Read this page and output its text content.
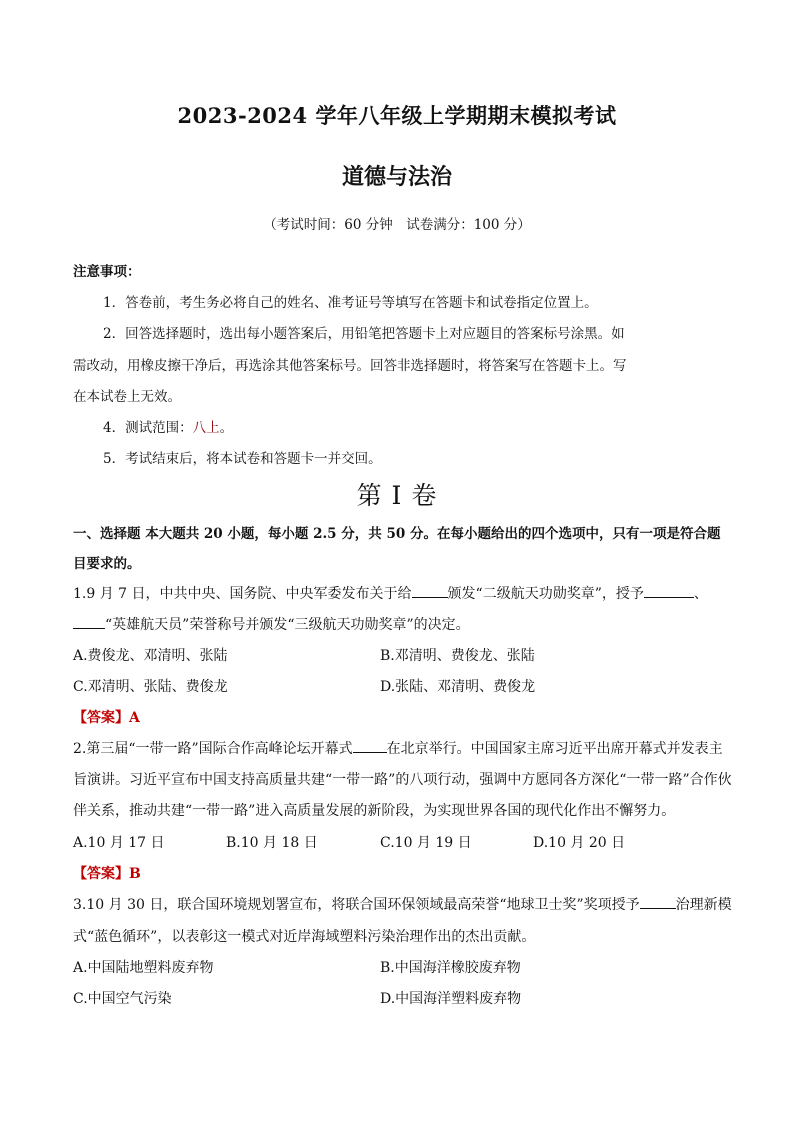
2023-2024 学年八年级上学期期末模拟考试
道德与法治
（考试时间：60 分钟　试卷满分：100 分）
注意事项：
1．答卷前，考生务必将自己的姓名、准考证号等填写在答题卡和试卷指定位置上。
2．回答选择题时，选出每小题答案后，用铅笔把答题卡上对应题目的答案标号涂黑。如
需改动，用橡皮擦干净后，再选涂其他答案标号。回答非选择题时，将答案写在答题卡上。写
在本试卷上无效。
4．测试范围：八上。
5．考试结束后，将本试卷和答题卡一并交回。
第 I 卷
一、选择题 本大题共 20 小题，每小题 2.5 分，共 50 分。在每小题给出的四个选项中，只有一项是符合题
目要求的。
1.9 月 7 日，中共中央、国务院、中央军委发布关于给	颁发“二级航天功勋奖章”，授予	、
“英雄航天员”荣誉称号并颁发“三级航天功勋奖章”的决定。
A.费俊龙、邓清明、张陆	B.邓清明、费俊龙、张陆
C.邓清明、张陆、费俊龙	D.张陆、邓清明、费俊龙
【答案】A
2.第三届“一带一路”国际合作高峰论坛开幕式 在北京举行。中国国家主席习近平出席开幕式并发表主
旨演讲。习近平宣布中国支持高质量共建“一带一路”的八项行动，强调中方愿同各方深化“一带一路”合作伙
伴关系，推动共建“一带一路”进入高质量发展的新阶段，为实现世界各国的现代化作出不懈努力。
A.10 月 17 日	B.10 月 18 日	C.10 月 19 日	D.10 月 20 日
【答案】B
3.10 月 30 日，联合国环境规划署宣布，将联合国环保领域最高荣誉“地球卫士奖”奖项授予	治理新模
式“蓝色循环”，以表彰这一模式对近岸海域塑料污染治理作出的杰出贡献。
A.中国陆地塑料废弃物	B.中国海洋橡胶废弃物
C.中国空气污染	D.中国海洋塑料废弃物
